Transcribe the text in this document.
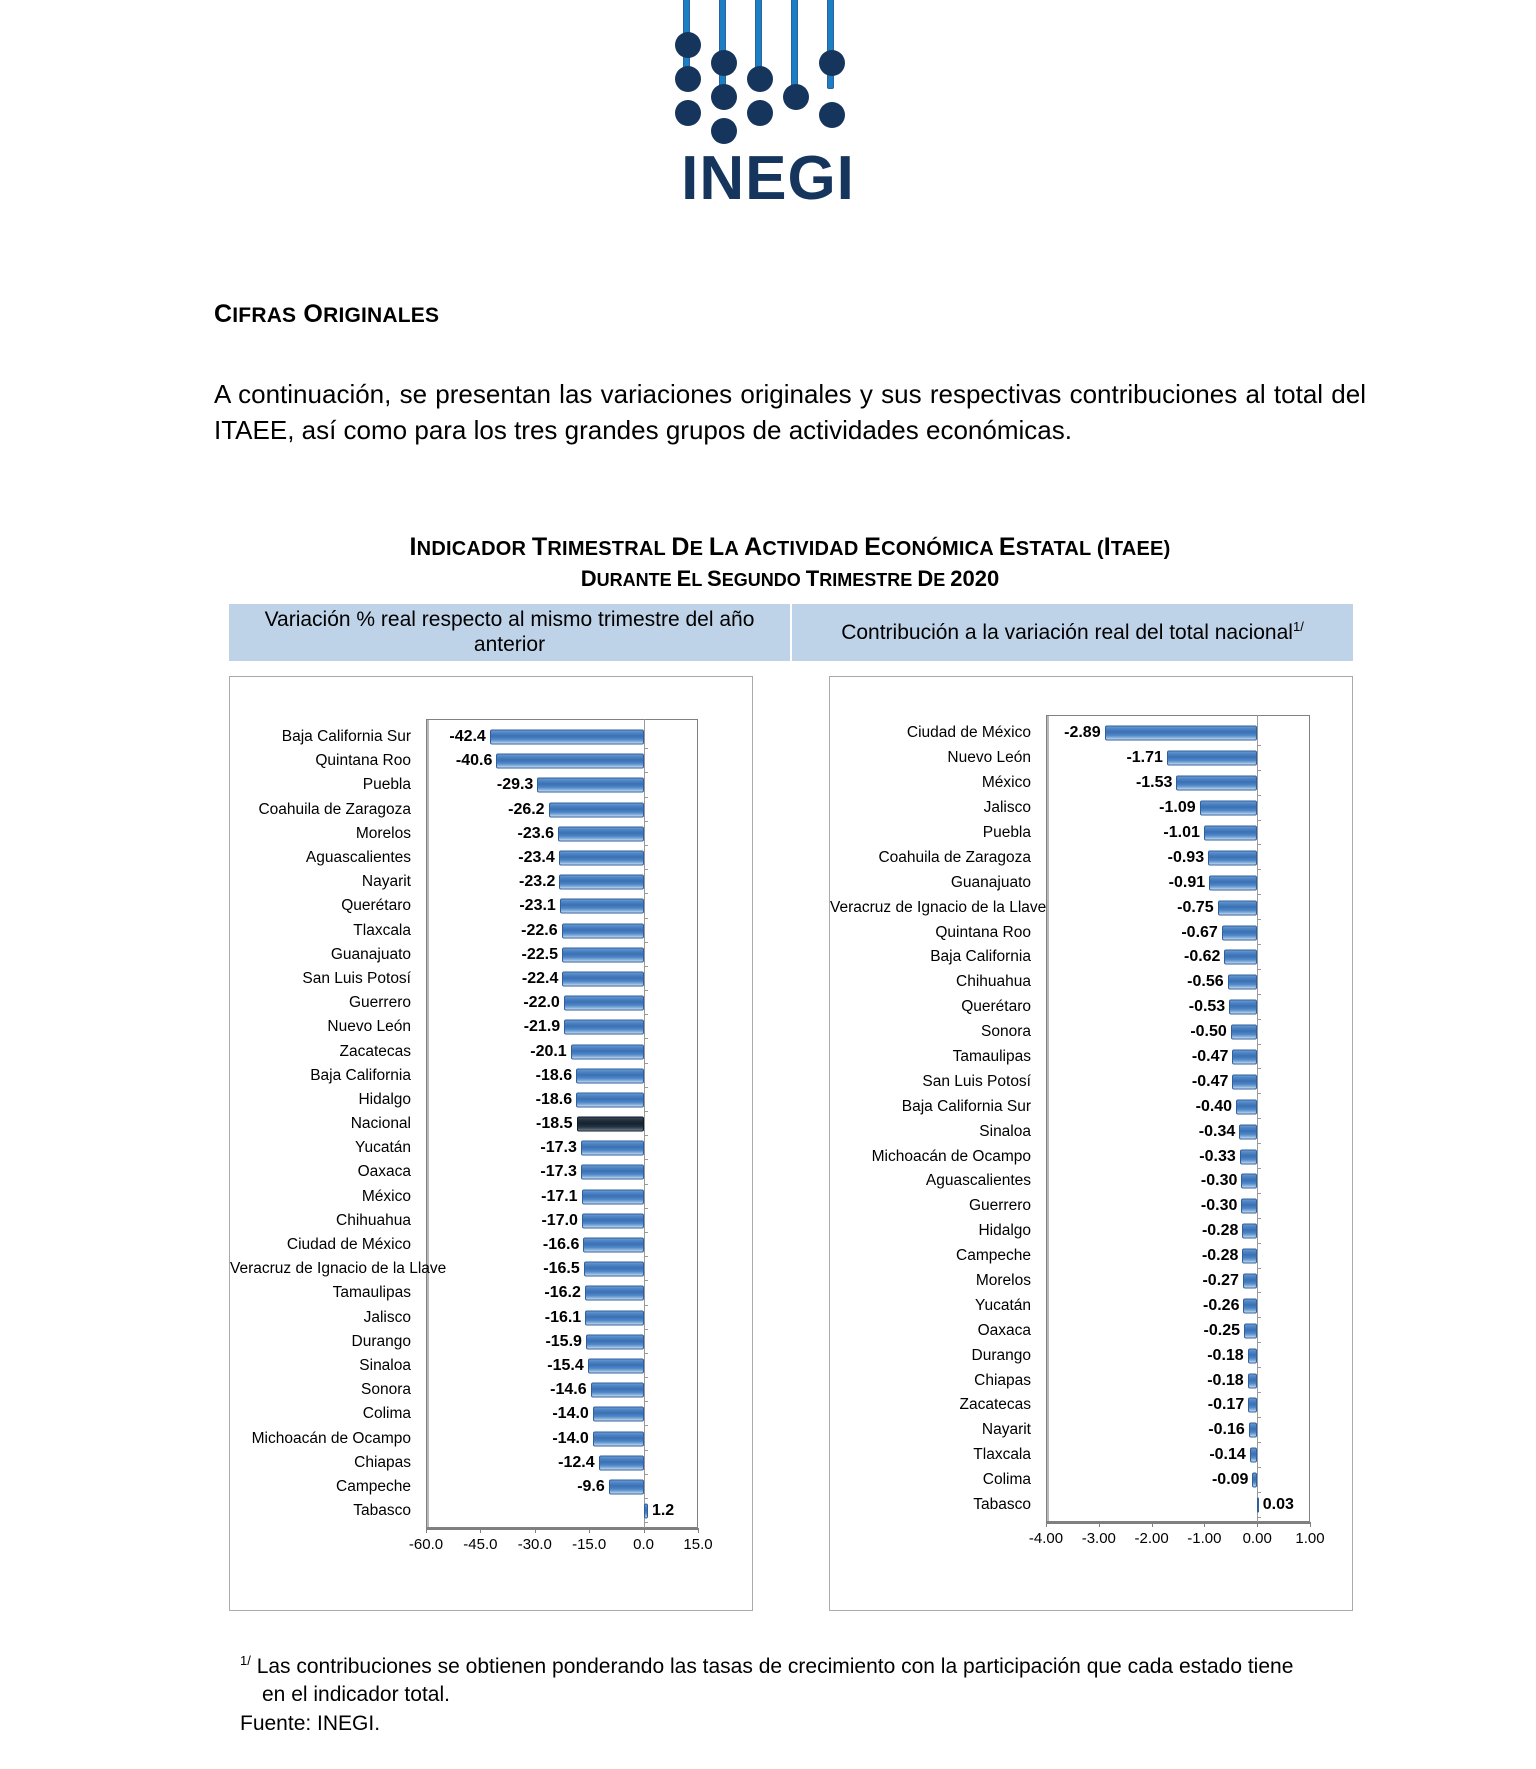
INEGI
CIFRAS ORIGINALES

A continuación, se presentan las variaciones originales y sus respectivas contribuciones al total del ITAEE, así como para los tres grandes grupos de actividades económicas.

INDICADOR TRIMESTRAL DE LA ACTIVIDAD ECONÓMICA ESTATAL (ITAEE)
DURANTE EL SEGUNDO TRIMESTRE DE 2020
Variación % real respecto al mismo trimestre del año anterior	Contribución a la variación real del total nacional$^{1/}$
Baja California Sur	-42.4
Quintana Roo	-40.6
Puebla	-29.3
Coahuila de Zaragoza	-26.2
Morelos	-23.6
Aguascalientes	-23.4
Nayarit	-23.2
Querétaro	-23.1
Tlaxcala	-22.6
Guanajuato	-22.5
San Luis Potosí	-22.4
Guerrero	-22.0
Nuevo León	-21.9
Zacatecas	-20.1
Baja California	-18.6
Hidalgo	-18.6
Nacional	-18.5
Yucatán	-17.3
Oaxaca	-17.3
México	-17.1
Chihuahua	-17.0
Ciudad de México	-16.6
Veracruz de Ignacio de la Llave	-16.5
Tamaulipas	-16.2
Jalisco	-16.1
Durango	-15.9
Sinaloa	-15.4
Sonora	-14.6
Colima	-14.0
Michoacán de Ocampo	-14.0
Chiapas	-12.4
Campeche	-9.6
Tabasco	1.2
-60.0 -45.0 -30.0 -15.0 0.0 15.0
Ciudad de México	-2.89
Nuevo León	-1.71
México	-1.53
Jalisco	-1.09
Puebla	-1.01
Coahuila de Zaragoza	-0.93
Guanajuato	-0.91
Veracruz de Ignacio de la Llave	-0.75
Quintana Roo	-0.67
Baja California	-0.62
Chihuahua	-0.56
Querétaro	-0.53
Sonora	-0.50
Tamaulipas	-0.47
San Luis Potosí	-0.47
Baja California Sur	-0.40
Sinaloa	-0.34
Michoacán de Ocampo	-0.33
Aguascalientes	-0.30
Guerrero	-0.30
Hidalgo	-0.28
Campeche	-0.28
Morelos	-0.27
Yucatán	-0.26
Oaxaca	-0.25
Durango	-0.18
Chiapas	-0.18
Zacatecas	-0.17
Nayarit	-0.16
Tlaxcala	-0.14
Colima	-0.09
Tabasco	0.03
-4.00 -3.00 -2.00 -1.00 0.00 1.00
$^{1/}$ Las contribuciones se obtienen ponderando las tasas de crecimiento con la participación que cada estado tiene
en el indicador total.
Fuente: INEGI.
